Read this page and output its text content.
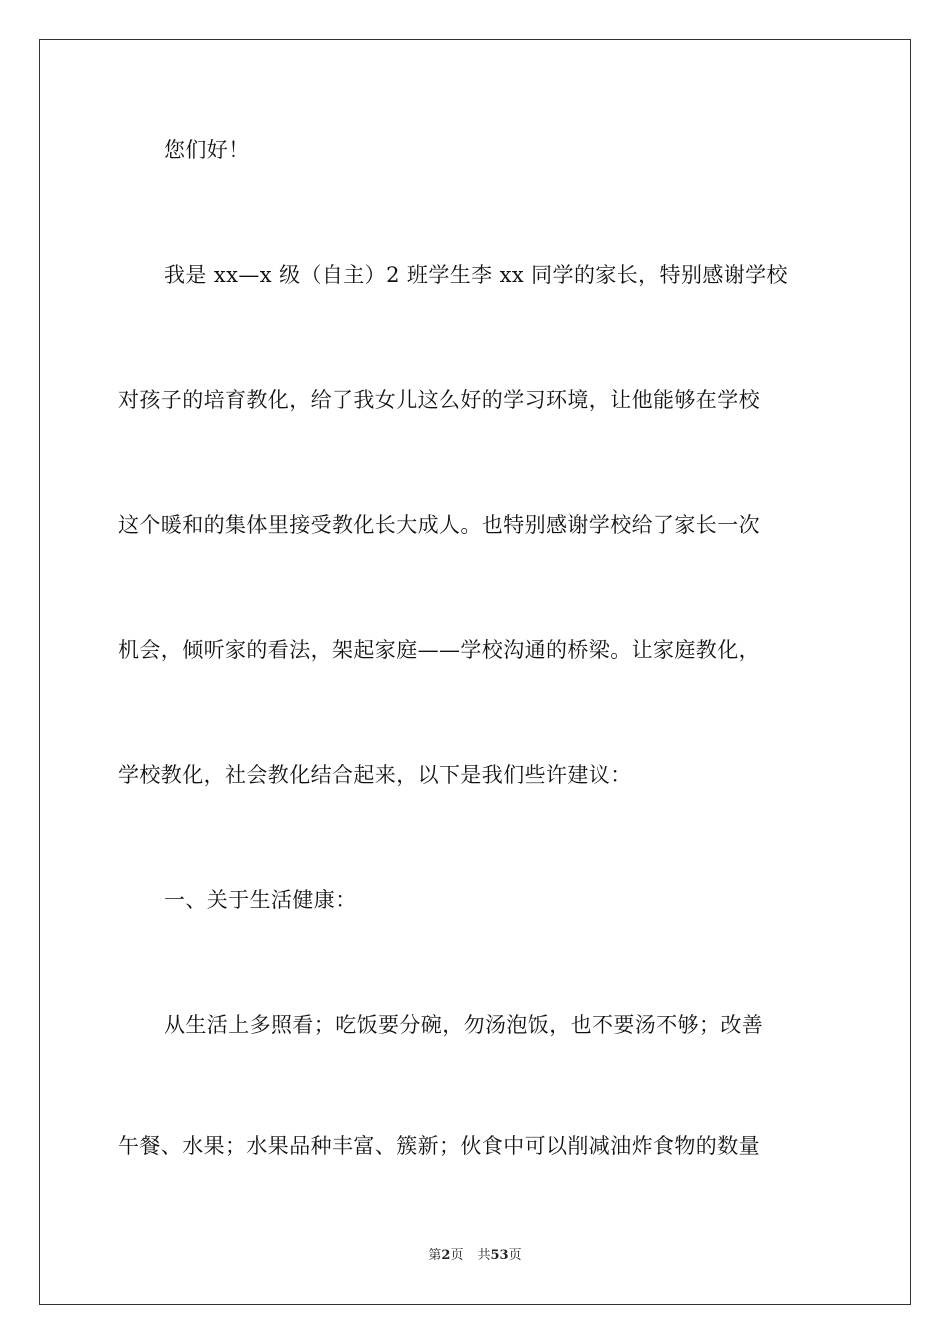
您们好！
我是 xx—x 级（自主）2 班学生李 xx 同学的家长，特别感谢学校
对孩子的培育教化，给了我女儿这么好的学习环境，让他能够在学校
这个暖和的集体里接受教化长大成人。也特别感谢学校给了家长一次
机会，倾听家的看法，架起家庭——学校沟通的桥梁。让家庭教化，
学校教化，社会教化结合起来，以下是我们些许建议：
一、关于生活健康：
从生活上多照看；吃饭要分碗，勿汤泡饭，也不要汤不够；改善
午餐、水果；水果品种丰富、簇新；伙食中可以削减油炸食物的数量
第2页 共53页
